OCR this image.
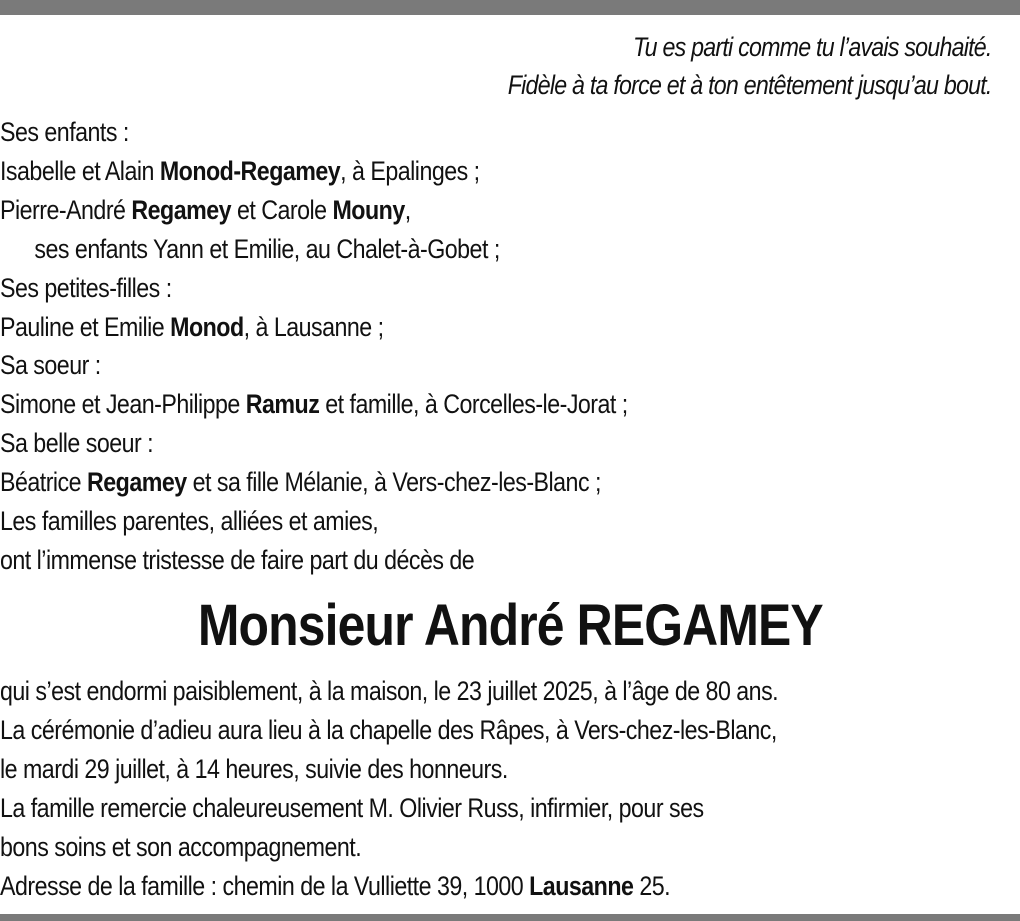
Tu es parti comme tu l’avais souhaité.
Fidèle à ta force et à ton entêtement jusqu’au bout.
Ses enfants :
Isabelle et Alain Monod-Regamey, à Epalinges ;
Pierre-André Regamey et Carole Mouny,
ses enfants Yann et Emilie, au Chalet-à-Gobet ;
Ses petites-filles :
Pauline et Emilie Monod, à Lausanne ;
Sa soeur :
Simone et Jean-Philippe Ramuz et famille, à Corcelles-le-Jorat ;
Sa belle soeur :
Béatrice Regamey et sa fille Mélanie, à Vers-chez-les-Blanc ;
Les familles parentes, alliées et amies,
ont l’immense tristesse de faire part du décès de
Monsieur André REGAMEY
qui s’est endormi paisiblement, à la maison, le 23 juillet 2025, à l’âge de 80 ans.
La cérémonie d’adieu aura lieu à la chapelle des Râpes, à Vers-chez-les-Blanc,
le mardi 29 juillet, à 14 heures, suivie des honneurs.
La famille remercie chaleureusement M. Olivier Russ, infirmier, pour ses
bons soins et son accompagnement.
Adresse de la famille : chemin de la Vulliette 39, 1000 Lausanne 25.
